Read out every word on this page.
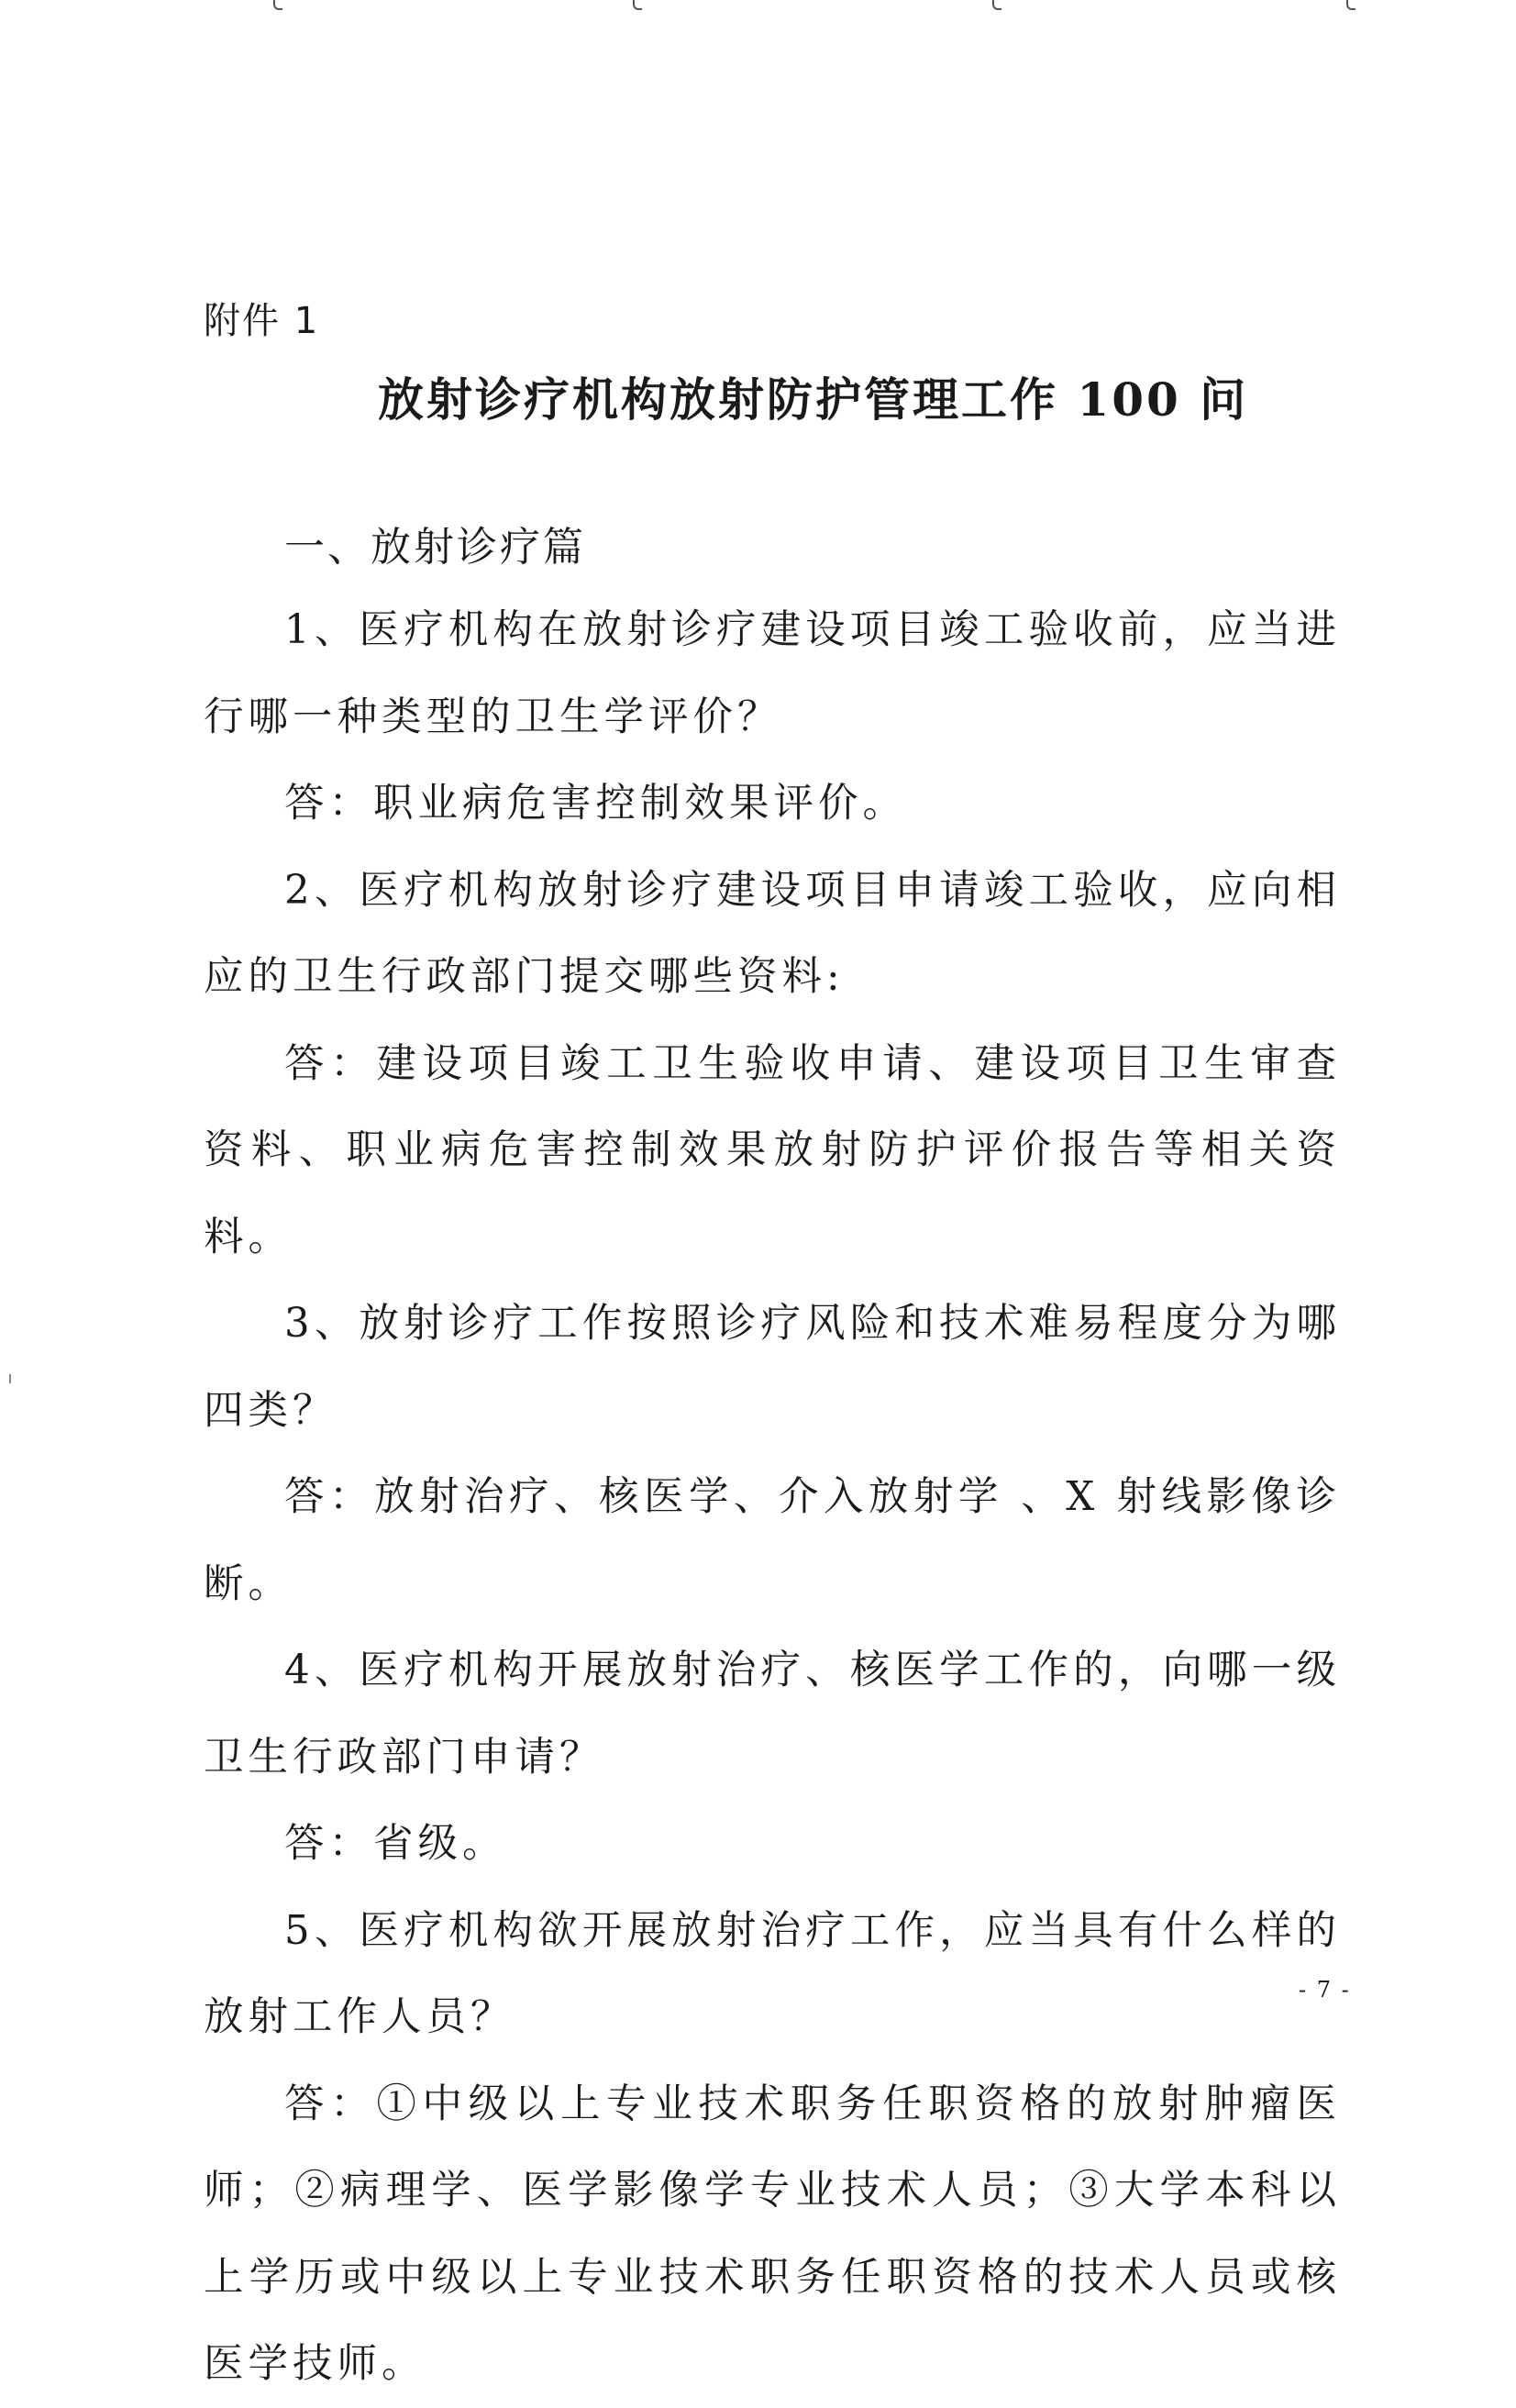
附件 1
放射诊疗机构放射防护管理工作 100 问
一、放射诊疗篇

1、医疗机构在放射诊疗建设项目竣工验收前，应当进行哪一种类型的卫生学评价？

答：职业病危害控制效果评价。

2、医疗机构放射诊疗建设项目申请竣工验收，应向相应的卫生行政部门提交哪些资料:

答：建设项目竣工卫生验收申请、建设项目卫生审查资料、职业病危害控制效果放射防护评价报告等相关资料。

3、放射诊疗工作按照诊疗风险和技术难易程度分为哪四类？

答：放射治疗、核医学、介入放射学 、X 射线影像诊断。

4、医疗机构开展放射治疗、核医学工作的，向哪一级卫生行政部门申请？

答：省级。

5、医疗机构欲开展放射治疗工作，应当具有什么样的放射工作人员？

答：①中级以上专业技术职务任职资格的放射肿瘤医师；②病理学、医学影像学专业技术人员；③大学本科以上学历或中级以上专业技术职务任职资格的技术人员或核医学技师。

- 7 -
